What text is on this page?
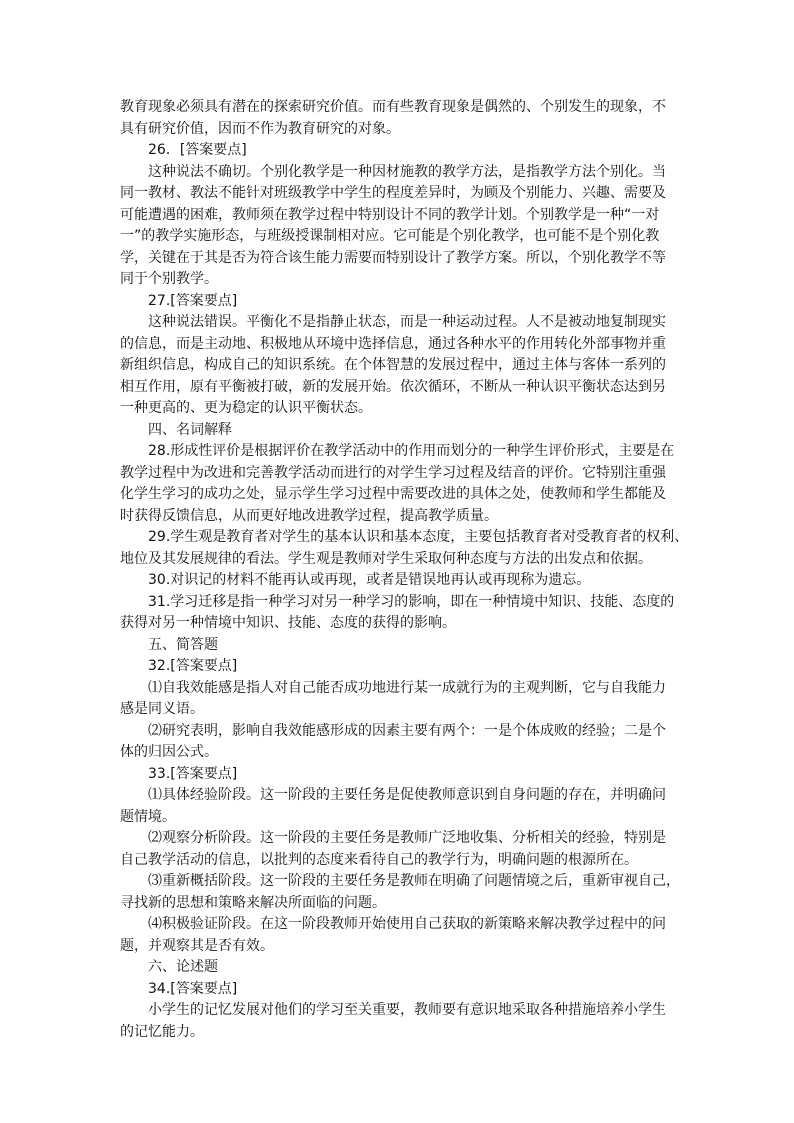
教育现象必须具有潜在的探索研究价值。而有些教育现象是偶然的、个别发生的现象，不
具有研究价值，因而不作为教育研究的对象。
26．[答案要点]
这种说法不确切。个别化教学是一种因材施教的教学方法，是指教学方法个别化。当
同一教材、教法不能针对班级教学中学生的程度差异时，为顾及个别能力、兴趣、需要及
可能遭遇的困难，教师须在教学过程中特别设计不同的教学计划。个别教学是一种“一对
一”的教学实施形态，与班级授课制相对应。它可能是个别化教学，也可能不是个别化教
学，关键在于其是否为符合该生能力需要而特别设计了教学方案。所以，个别化教学不等
同于个别教学。
27.[答案要点]
这种说法错误。平衡化不是指静止状态，而是一种运动过程。人不是被动地复制现实
的信息，而是主动地、积极地从环境中选择信息，通过各种水平的作用转化外部事物并重
新组织信息，构成自己的知识系统。在个体智慧的发展过程中，通过主体与客体一系列的
相互作用，原有平衡被打破，新的发展开始。依次循环，不断从一种认识平衡状态达到另
一种更高的、更为稳定的认识平衡状态。
四、名词解释
28.形成性评价是根据评价在教学活动中的作用而划分的一种学生评价形式，主要是在
教学过程中为改进和完善教学活动而进行的对学生学习过程及结音的评价。它特别注重强
化学生学习的成功之处，显示学生学习过程中需要改进的具体之处，使教师和学生都能及
时获得反馈信息，从而更好地改进教学过程，提高教学质量。
29.学生观是教育者对学生的基本认识和基本态度，主要包括教育者对受教育者的权利、
地位及其发展规律的看法。学生观是教师对学生采取何种态度与方法的出发点和依据。
30.对识记的材料不能再认或再现，或者是错误地再认或再现称为遗忘。
31.学习迁移是指一种学习对另一种学习的影响，即在一种情境中知识、技能、态度的
获得对另一种情境中知识、技能、态度的获得的影响。
五、简答题
32.[答案要点]
⑴自我效能感是指人对自己能否成功地进行某一成就行为的主观判断，它与自我能力
感是同义语。
⑵研究表明，影响自我效能感形成的因素主要有两个：一是个体成败的经验；二是个
体的归因公式。
33.[答案要点]
⑴具体经验阶段。这一阶段的主要任务是促使教师意识到自身问题的存在，并明确问
题情境。
⑵观察分析阶段。这一阶段的主要任务是教师广泛地收集、分析相关的经验，特别是
自己教学活动的信息，以批判的态度来看待自己的教学行为，明确问题的根源所在。
⑶重新概括阶段。这一阶段的主要任务是教师在明确了问题情境之后，重新审视自己，
寻找新的思想和策略来解决所面临的问题。
⑷积极验证阶段。在这一阶段教师开始使用自己获取的新策略来解决教学过程中的问
题，并观察其是否有效。
六、论述题
34.[答案要点]
小学生的记忆发展对他们的学习至关重要，教师要有意识地采取各种措施培养小学生
的记忆能力。
